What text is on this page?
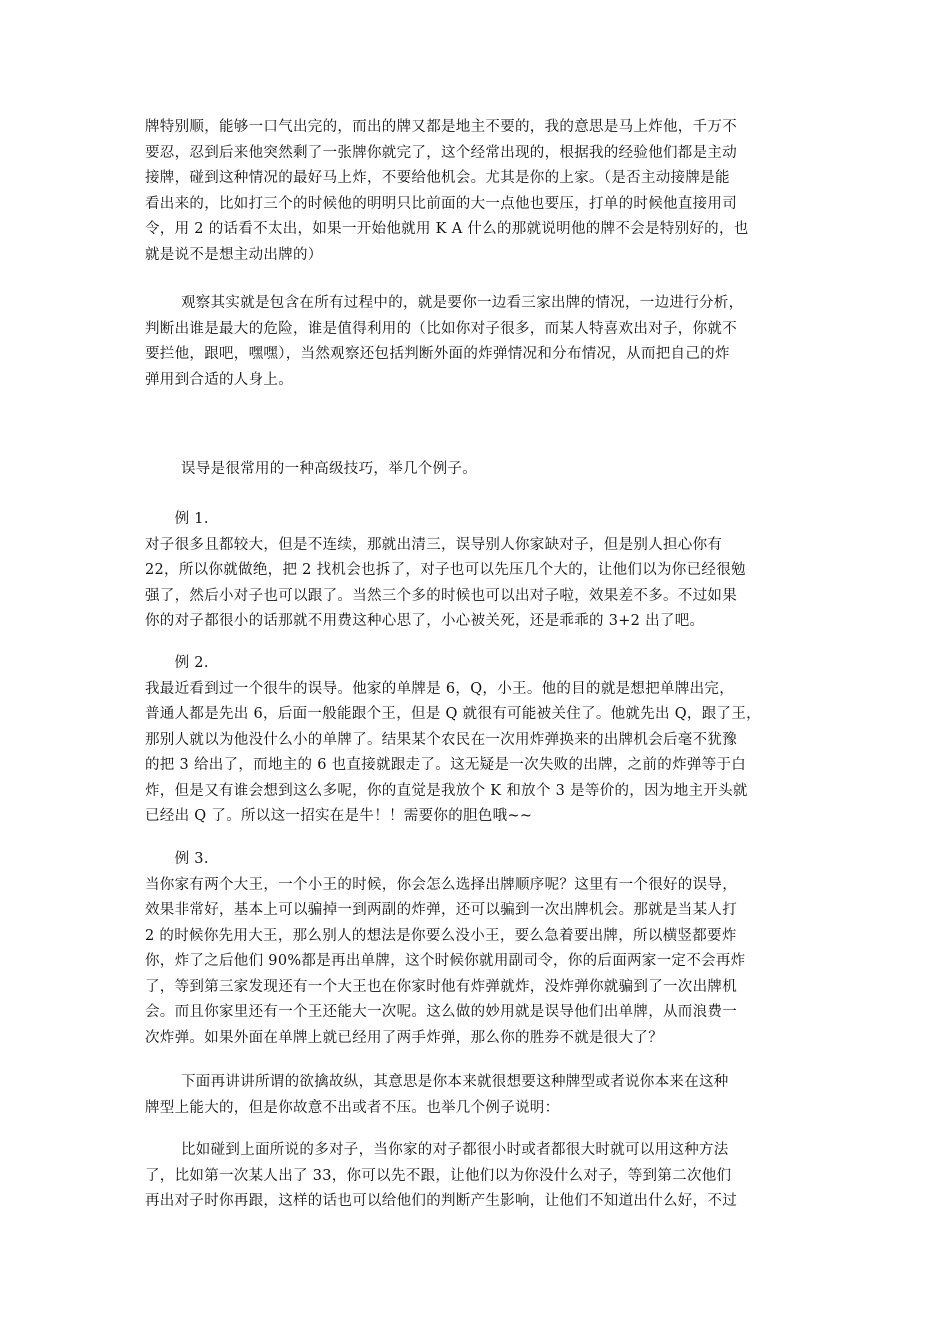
牌特别顺，能够一口气出完的，而出的牌又都是地主不要的，我的意思是马上炸他，千万不
要忍，忍到后来他突然剩了一张牌你就完了，这个经常出现的，根据我的经验他们都是主动
接牌，碰到这种情况的最好马上炸，不要给他机会。尤其是你的上家。（是否主动接牌是能
看出来的，比如打三个的时候他的明明只比前面的大一点他也要压，打单的时候他直接用司
令，用 2 的话看不太出，如果一开始他就用 K A 什么的那就说明他的牌不会是特别好的，也
就是说不是想主动出牌的）
观察其实就是包含在所有过程中的，就是要你一边看三家出牌的情况，一边进行分析，
判断出谁是最大的危险，谁是值得利用的（比如你对子很多，而某人特喜欢出对子，你就不
要拦他，跟吧，嘿嘿），当然观察还包括判断外面的炸弹情况和分布情况，从而把自己的炸
弹用到合适的人身上。
误导是很常用的一种高级技巧，举几个例子。
　　例 1.
对子很多且都较大，但是不连续，那就出清三，误导别人你家缺对子，但是别人担心你有
22，所以你就做绝，把 2 找机会也拆了，对子也可以先压几个大的，让他们以为你已经很勉
强了，然后小对子也可以跟了。当然三个多的时候也可以出对子啦，效果差不多。不过如果
你的对子都很小的话那就不用费这种心思了，小心被关死，还是乖乖的 3+2 出了吧。
　　例 2.
我最近看到过一个很牛的误导。他家的单牌是 6，Q，小王。他的目的就是想把单牌出完，
普通人都是先出 6，后面一般能跟个王，但是 Q 就很有可能被关住了。他就先出 Q，跟了王，
那别人就以为他没什么小的单牌了。结果某个农民在一次用炸弹换来的出牌机会后毫不犹豫
的把 3 给出了，而地主的 6 也直接就跟走了。这无疑是一次失败的出牌，之前的炸弹等于白
炸，但是又有谁会想到这么多呢，你的直觉是我放个 K 和放个 3 是等价的，因为地主开头就
已经出 Q 了。所以这一招实在是牛！！需要你的胆色哦~~
　　例 3.
当你家有两个大王，一个小王的时候，你会怎么选择出牌顺序呢？这里有一个很好的误导，
效果非常好，基本上可以骗掉一到两副的炸弹，还可以骗到一次出牌机会。那就是当某人打
2 的时候你先用大王，那么别人的想法是你要么没小王，要么急着要出牌，所以横竖都要炸
你，炸了之后他们 90%都是再出单牌，这个时候你就用副司令，你的后面两家一定不会再炸
了，等到第三家发现还有一个大王也在你家时他有炸弹就炸，没炸弹你就骗到了一次出牌机
会。而且你家里还有一个王还能大一次呢。这么做的妙用就是误导他们出单牌，从而浪费一
次炸弹。如果外面在单牌上就已经用了两手炸弹，那么你的胜券不就是很大了？
下面再讲讲所谓的欲擒故纵，其意思是你本来就很想要这种牌型或者说你本来在这种
牌型上能大的，但是你故意不出或者不压。也举几个例子说明：
比如碰到上面所说的多对子，当你家的对子都很小时或者都很大时就可以用这种方法
了，比如第一次某人出了 33，你可以先不跟，让他们以为你没什么对子，等到第二次他们
再出对子时你再跟，这样的话也可以给他们的判断产生影响，让他们不知道出什么好，不过
